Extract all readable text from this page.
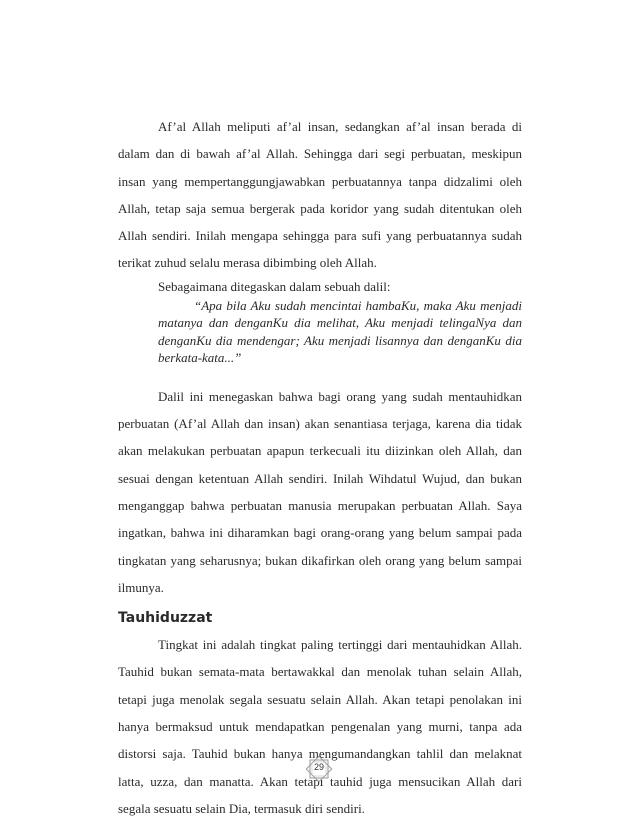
Af’al Allah meliputi af’al insan, sedangkan af’al insan berada di dalam dan di bawah af’al Allah. Sehingga dari segi perbuatan, meskipun insan yang mempertanggungjawabkan perbuatannya tanpa didzalimi oleh Allah, tetap saja semua bergerak pada koridor yang sudah ditentukan oleh Allah sendiri. Inilah mengapa sehingga para sufi yang perbuatannya sudah terikat zuhud selalu merasa dibimbing oleh Allah.

Sebagaimana ditegaskan dalam sebuah dalil:

“Apa bila Aku sudah mencintai hambaKu, maka Aku menjadi matanya dan denganKu dia melihat, Aku menjadi telingaNya dan denganKu dia mendengar; Aku menjadi lisannya dan denganKu dia berkata-kata...”

Dalil ini menegaskan bahwa bagi orang yang sudah mentauhidkan perbuatan (Af’al Allah dan insan) akan senantiasa terjaga, karena dia tidak akan melakukan perbuatan apapun terkecuali itu diizinkan oleh Allah, dan sesuai dengan ketentuan Allah sendiri. Inilah Wihdatul Wujud, dan bukan menganggap bahwa perbuatan manusia merupakan perbuatan Allah. Saya ingatkan, bahwa ini diharamkan bagi orang-orang yang belum sampai pada tingkatan yang seharusnya; bukan dikafirkan oleh orang yang belum sampai ilmunya.

Tauhiduzzat

Tingkat ini adalah tingkat paling tertinggi dari mentauhidkan Allah. Tauhid bukan semata-mata bertawakkal dan menolak tuhan selain Allah, tetapi juga menolak segala sesuatu selain Allah. Akan tetapi penolakan ini hanya bermaksud untuk mendapatkan pengenalan yang murni, tanpa ada distorsi saja. Tauhid bukan hanya mengumandangkan tahlil dan melaknat latta, uzza, dan manatta. Akan tetapi tauhid juga mensucikan Allah dari segala sesuatu selain Dia, termasuk diri sendiri.

29
